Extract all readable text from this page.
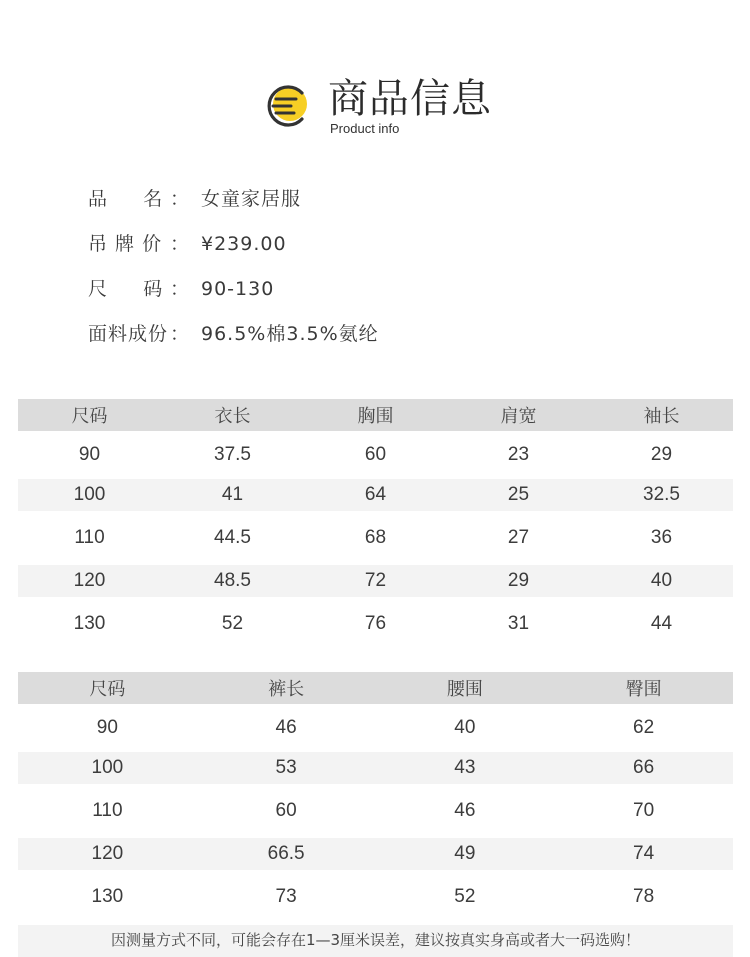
商品信息
Product info
品     名 ： 女童家居服
吊 牌 价 ： ¥239.00
尺     码 ： 90-130
面料成份 ： 96.5%棉3.5%氨纶
尺码	衣长	胸围	肩宽	袖长
90	37.5	60	23	29
100	41	64	25	32.5
110	44.5	68	27	36
120	48.5	72	29	40
130	52	76	31	44
尺码	裤长	腰围	臀围
90	46	40	62
100	53	43	66
110	60	46	70
120	66.5	49	74
130	73	52	78
因测量方式不同，可能会存在1—3厘米误差，建议按真实身高或者大一码选购！
